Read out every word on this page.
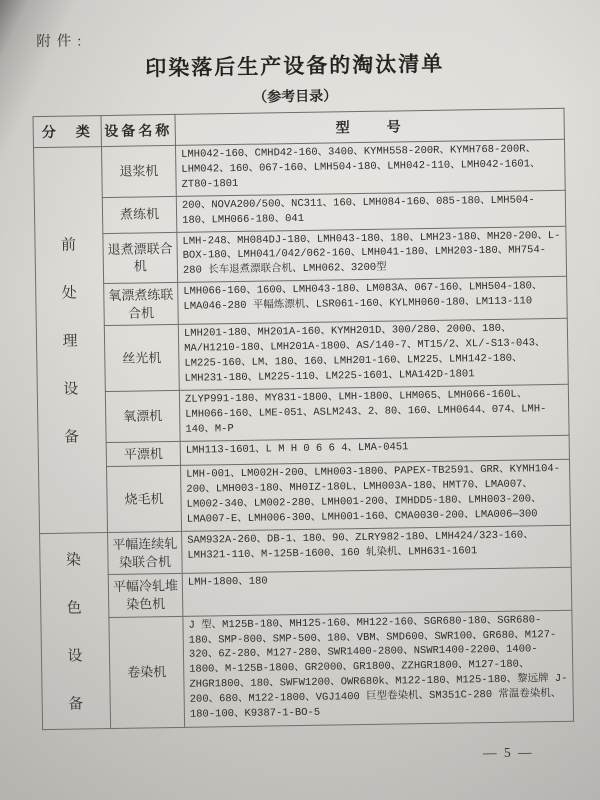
附件:
印染落后生产设备的淘汰清单
（参考目录）
分　类	设备名称	型　　号

前
处
理
设
备	退浆机	LMH042-160、CMHD42-160、3400、KYMH558-200R、KYMH768-200R、LHM042、160、067-160、LMH504-180、LMH042-110、LMH042-1601、ZT80-1801
	煮练机	200、NOVA200/500、NC311、160、LMH084-160、085-180、LMH504-180、LMH066-180、041
	退煮漂联合机	LMH-248、MH084DJ-180、LMH043-180、180、LMH23-180、MH20-200、L-BOX-180、LMH041/042/062-160、LMH041-180、LMH203-180、MH754-280 长车退煮漂联合机、LMH062、3200型
	氧漂煮练联合机	LMH066-160、1600、LMH043-180、LM083A、067-160、LMH504-180、LMA046-280 平幅炼漂机、LSR061-160、KYLMH060-180、LM113-110
	丝光机	LMH201-180、MH201A-160、KYMH201D、300/280、2000、180、MA/H1210-180、LMH201A-1800、AS/140-7、MT15/2、XL/-S13-043、LM225-160、LM、180、160、LMH201-160、LM225、LMH142-180、LMH231-180、LM225-110、LM225-1601、LMA142D-1801
	氧漂机	ZLYP991-180、MY831-1800、LMH-1800、LHM065、LMH066-160L、LMH066-160、LME-051、ASLM243、2、80、160、LMH0644、074、LMH-140、M-P
	平漂机	LMH113-1601、L M H 0 6 6 4、LMA-0451
	烧毛机	LMH-001、LM002H-200、LMH003-1800、PAPEX-TB2591、GRR、KYMH104-200、LMH003-180、MH0IZ-180L、LMH003A-180、HMT70、LMA007、LM002-340、LM002-280、LMH001-200、IMHDD5-180、LMH003-200、LMA007-E、LMH006-300、LMH001-160、CMA0030-200、LMA006—300

染
色
设
备	平幅连续轧染联合机	SAM932A-260、DB-1、180、90、ZLRY982-180、LMH424/323-160、LMH321-110、M-125B-1600、160 轧染机、LMH631-1601
	平幅冷轧堆染色机	LMH-1800、180
	卷染机	J 型、M125B-180、MH125-160、MH122-160、SGR680-180、SGR680-180、SMP-800、SMP-500、180、VBM、SMD600、SWR100、GR680、M127-320、6Z-280、M127-280、SWR1400-2800、NSWR1400-2200、1400-1800、M-125B-1800、GR2000、GR1800、ZZHGR1800、M127-180、ZHGR1800、180、SWFW1200、OWR680k、M122-180、M125-180、黎远牌 J-200、680、M122-1800、VGJ1400 巨型卷染机、SM351C-280 常温卷染机、180-100、K9387-1-BO-5
— 5 —
